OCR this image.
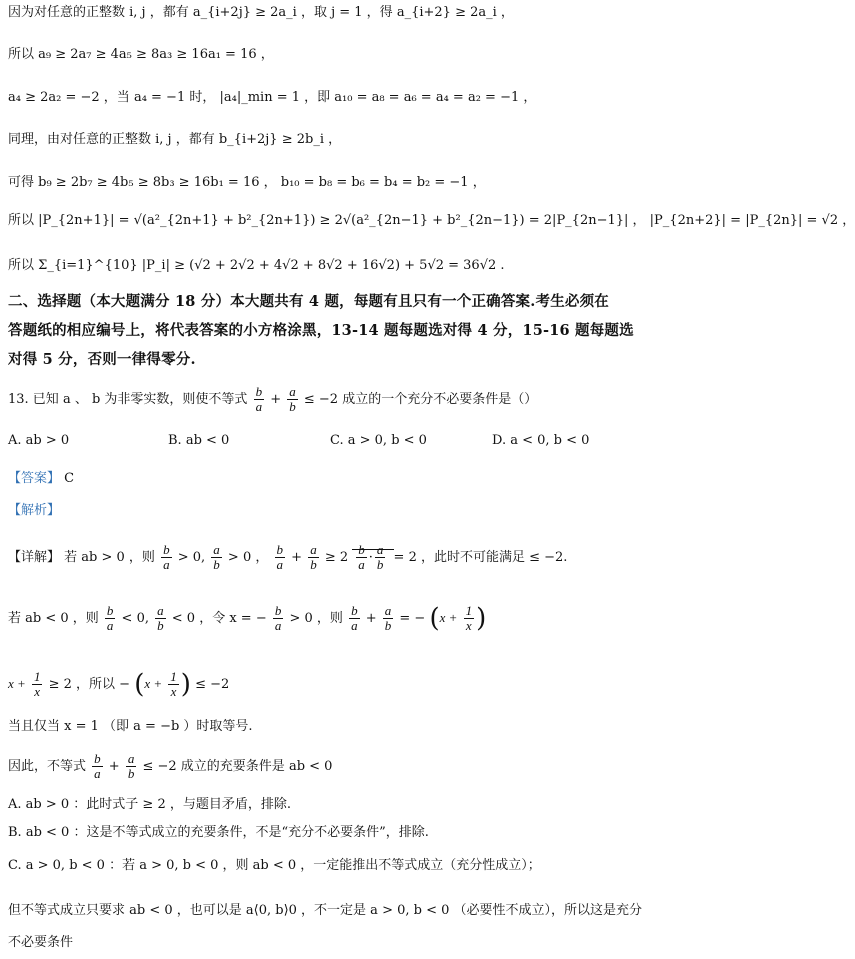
因为对任意的正整数 i, j ，都有 a_{i+2j} ≥ 2a_i ，取 j = 1 ，得 a_{i+2} ≥ 2a_i ，
所以 a₉ ≥ 2a₇ ≥ 4a₅ ≥ 8a₃ ≥ 16a₁ = 16 ，
a₄ ≥ 2a₂ = −2 ，当 a₄ = −1 时， |a₄|_min = 1 ，即 a₁₀ = a₈ = a₆ = a₄ = a₂ = −1 ，
同理，由对任意的正整数 i, j ，都有 b_{i+2j} ≥ 2b_i ，
可得 b₉ ≥ 2b₇ ≥ 4b₅ ≥ 8b₃ ≥ 16b₁ = 16 ， b₁₀ = b₈ = b₆ = b₄ = b₂ = −1 ，
所以 |P_{2n+1}| = √(a²_{2n+1} + b²_{2n+1}) ≥ 2√(a²_{2n−1} + b²_{2n−1}) = 2|P_{2n−1}| ， |P_{2n+2}| = |P_{2n}| = √2 ，
所以 Σ_{i=1}^{10} |P_i| ≥ (√2 + 2√2 + 4√2 + 8√2 + 16√2) + 5√2 = 36√2 .
二、选择题（本大题满分 18 分）本大题共有 4 题，每题有且只有一个正确答案.考生必须在
答题纸的相应编号上，将代表答案的小方格涂黑，13-14 题每题选对得 4 分，15-16 题每题选
对得 5 分，否则一律得零分.
13. 已知 a 、 b 为非零实数，则使不等式 $\frac{b}{a} + \frac{a}{b} \le -2$ 成立的一个充分不必要条件是（）
A. ab > 0	B. ab < 0	C. a > 0, b < 0	D. a < 0, b < 0
【答案】 C
【解析】
【详解】 若 ab > 0 ，则 $\frac{b}{a} > 0$, $\frac{a}{b} > 0$ ， $\frac{b}{a} + \frac{a}{b} \ge 2 \frac{b}{a} \cdot \frac{a}{b} = 2$ ，此时不可能满足 ≤ −2.
若 ab < 0 ，则 $\frac{b}{a} < 0$, $\frac{a}{b} < 0$ ，令 x = − $\frac{b}{a} > 0$ ，则 $\frac{b}{a} + \frac{a}{b}$ = − ($x + \frac{1}{x}$ )
$x + \frac{1}{x} \ge 2$ ，所以 − ($x + \frac{1}{x}$ ) ≤ −2
当且仅当 x = 1 （即 a = −b ）时取等号.
因此，不等式 $\frac{b}{a} + \frac{a}{b} \le -2$ 成立的充要条件是 ab < 0
A. ab > 0 ：此时式子 ≥ 2 ，与题目矛盾，排除.
B. ab < 0 ：这是不等式成立的充要条件，不是“充分不必要条件”，排除.
C. a > 0, b < 0 ：若 a > 0, b < 0 ，则 ab < 0 ，一定能推出不等式成立（充分性成立）；
但不等式成立只要求 ab < 0 ，也可以是 a⟨0, b⟩0 ，不一定是 a > 0, b < 0 （必要性不成立），所以这是充分
不必要条件
